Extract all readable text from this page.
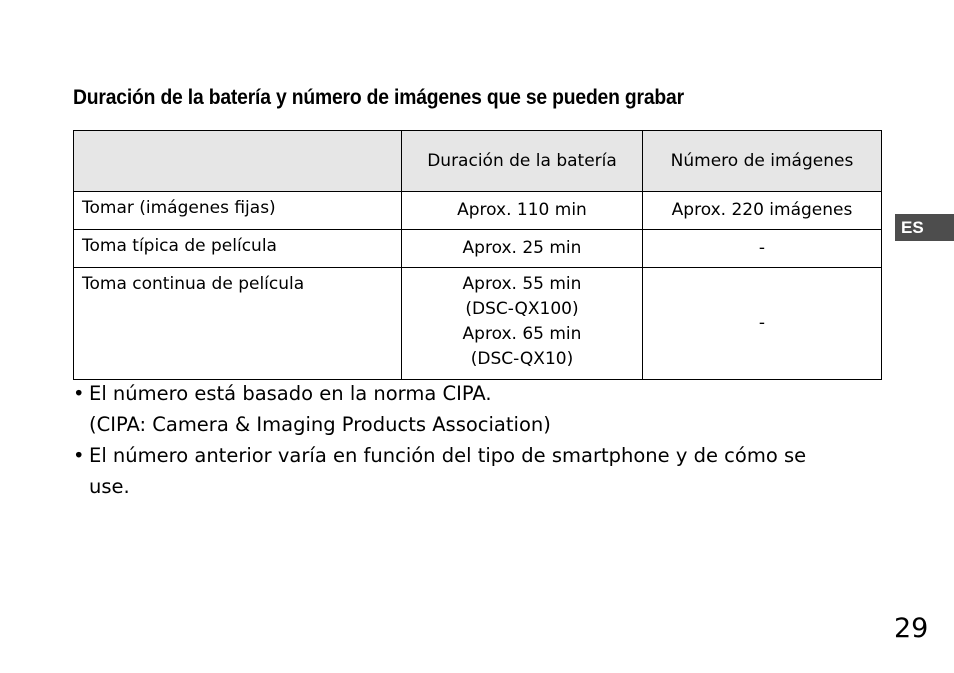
Duración de la batería y número de imágenes que se pueden grabar
	Duración de la batería	Número de imágenes
Tomar (imágenes fijas)	Aprox. 110 min	Aprox. 220 imágenes
Toma típica de película	Aprox. 25 min	-
Toma continua de película	Aprox. 55 min
(DSC-QX100)
Aprox. 65 min
(DSC-QX10)	-
• El número está basado en la norma CIPA.
(CIPA: Camera & Imaging Products Association)
• El número anterior varía en función del tipo de smartphone y de cómo se
use.
ES
29
